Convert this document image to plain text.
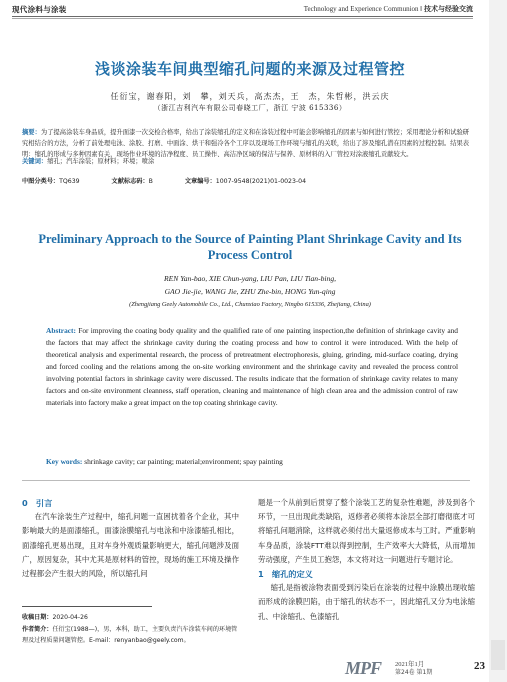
现代涂料与涂装	Technology and Experience Communion ‖ 技术与经验交流
浅谈涂装车间典型缩孔问题的来源及过程管控
任衍宝，谢春阳，刘　攀，刘天兵，高杰杰，王　杰，朱哲彬，洪云庆
（浙江吉利汽车有限公司春晓工厂，浙江 宁波 615336）
摘要：为了提高涂装车身品质，提升面漆一次交检合格率，给出了涂装缩孔的定义和在涂装过程中可能会影响缩孔的因素与如何进行管控；采用理论分析和试验研究相结合的方法，分析了前处理电泳、涂胶、打磨、中面涂、烘干和强冷各个工序以及现场工作环境与缩孔的关联，给出了涉及缩孔潜在因素的过程控制。结果表明：缩孔的形成与多种因素有关，现场作业环境的洁净程度、员工操作、高洁净区域的保洁与保养、原材料的入厂管控对涂液缩孔贡献较大。
关键词：缩孔；汽车涂装；原材料；环境；喷涂
中图分类号：TQ639	文献标志码：B	文章编号：1007-9548(2021)01-0023-04
Preliminary Approach to the Source of Painting Plant Shrinkage Cavity and Its Process Control
REN Yan-bao, XIE Chun-yang, LIU Pan, LIU Tian-bing,
GAO Jie-jie, WANG Jie, ZHU Zhe-bin, HONG Yun-qing
(Zhengjiang Geely Automobile Co., Ltd., Chunxiao Factory, Ningbo 615336, Zhejiang, China)
Abstract: For improving the coating body quality and the qualified rate of one painting inspection,the definition of shrinkage cavity and the factors that may affect the shrinkage cavity during the coating process and how to control it were introduced. With the help of theoretical analysis and experimental research, the process of pretreatment electrophoresis, gluing, grinding, mid-surface coating, drying and forced cooling and the relations among the on-site working environment and the shrinkage cavity and revealed the process control involving potential factors in shrinkage cavity were discussed. The results indicate that the formation of shrinkage cavity relates to many factors and on-site environment cleanness, staff operation, cleaning and maintenance of high clean area and the admission control of raw materials into factory make a great impact on the top coating shrinkage cavity.
Key words: shrinkage cavity; car painting; material;environment; spay painting
0　引言
在汽车涂装生产过程中，缩孔问题一直困扰着各个企业，其中影响最大的是面漆缩孔，面漆涂膜缩孔与电泳和中涂漆缩孔相比，面漆缩孔更易出现，且对车身外观质量影响更大，缩孔问题涉及面广，原因复杂，其中尤其是原材料的管控，现场的施工环境及操作过程都会产生很大的风险，所以缩孔问
收稿日期：2020-04-26
作者简介：任衍宝(1988—)，男，本科，助工，主要负责汽车涂装车间的环境管理及过程质量问题管控。E-mail：renyanbao@geely.com。
题是一个从前到后贯穿了整个涂装工艺的复杂性难题，涉及到各个环节，一旦出现此类缺陷，返修者必须将本涂层全部打磨彻底才可将缩孔问题消除，这样就必须付出大量返修成本与工时。严重影响车身品质，涂装FTT难以得到控制，生产效率大大降低，从而增加劳动强度，产生员工抱怨，本文将对这一问题进行专题讨论。
1　缩孔的定义
缩孔是指被涂物表面受到污染后在涂装的过程中涂膜出现收缩而形成的涂膜凹陷，由于缩孔的状态不一，因此缩孔又分为电泳缩孔、中涂缩孔、色漆缩孔
MPF 2021年1月
第24卷 第1期
23
